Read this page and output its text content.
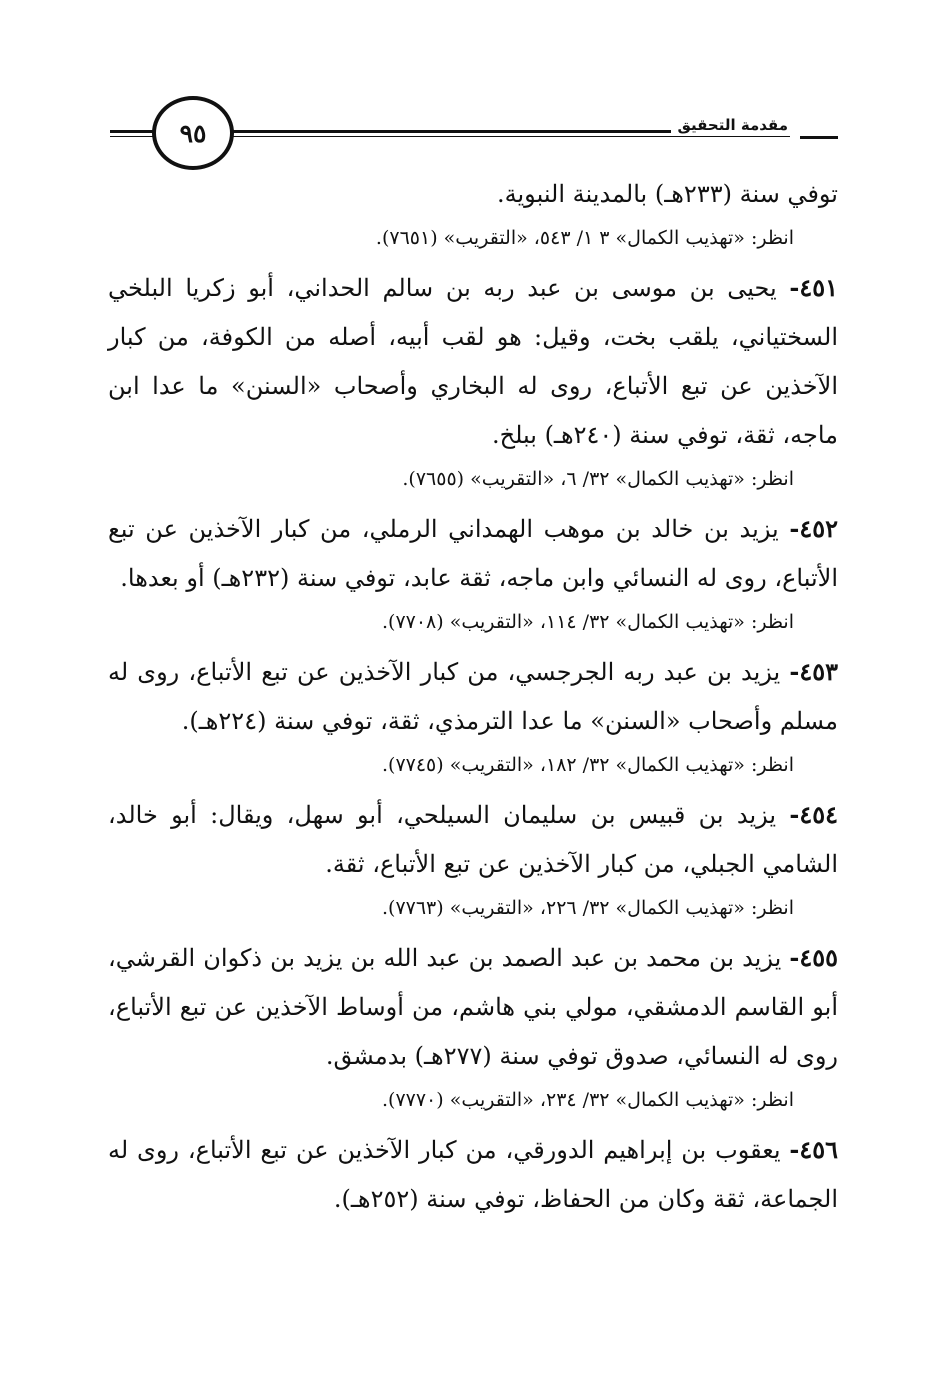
٩٥	مقدمة التحقيق

توفي سنة (٢٣٣هـ) بالمدينة النبوية.

انظر: «تهذيب الكمال» ٣ ١/ ٥٤٣، «التقريب» (٧٦٥١).

٤٥١- يحيى بن موسى بن عبد ربه بن سالم الحداني، أبو زكريا البلخي السختياني، يلقب بخت، وقيل: هو لقب أبيه، أصله من الكوفة، من كبار الآخذين عن تبع الأتباع، روى له البخاري وأصحاب «السنن» ما عدا ابن ماجه، ثقة، توفي سنة (٢٤٠هـ) ببلخ.

انظر: «تهذيب الكمال» ٣٢/ ٦، «التقريب» (٧٦٥٥).

٤٥٢- يزيد بن خالد بن موهب الهمداني الرملي، من كبار الآخذين عن تبع الأتباع، روى له النسائي وابن ماجه، ثقة عابد، توفي سنة (٢٣٢هـ) أو بعدها.

انظر: «تهذيب الكمال» ٣٢/ ١١٤، «التقريب» (٧٧٠٨).

٤٥٣- يزيد بن عبد ربه الجرجسي، من كبار الآخذين عن تبع الأتباع، روى له مسلم وأصحاب «السنن» ما عدا الترمذي، ثقة، توفي سنة (٢٢٤هـ).

انظر: «تهذيب الكمال» ٣٢/ ١٨٢، «التقريب» (٧٧٤٥).

٤٥٤- يزيد بن قبيس بن سليمان السيلحي، أبو سهل، ويقال: أبو خالد، الشامي الجبلي، من كبار الآخذين عن تبع الأتباع، ثقة.

انظر: «تهذيب الكمال» ٣٢/ ٢٢٦، «التقريب» (٧٧٦٣).

٤٥٥- يزيد بن محمد بن عبد الصمد بن عبد الله بن يزيد بن ذكوان القرشي، أبو القاسم الدمشقي، مولي بني هاشم، من أوساط الآخذين عن تبع الأتباع، روى له النسائي، صدوق توفي سنة (٢٧٧هـ) بدمشق.

انظر: «تهذيب الكمال» ٣٢/ ٢٣٤، «التقريب» (٧٧٧٠).

٤٥٦- يعقوب بن إبراهيم الدورقي، من كبار الآخذين عن تبع الأتباع، روى له الجماعة، ثقة وكان من الحفاظ، توفي سنة (٢٥٢هـ).
